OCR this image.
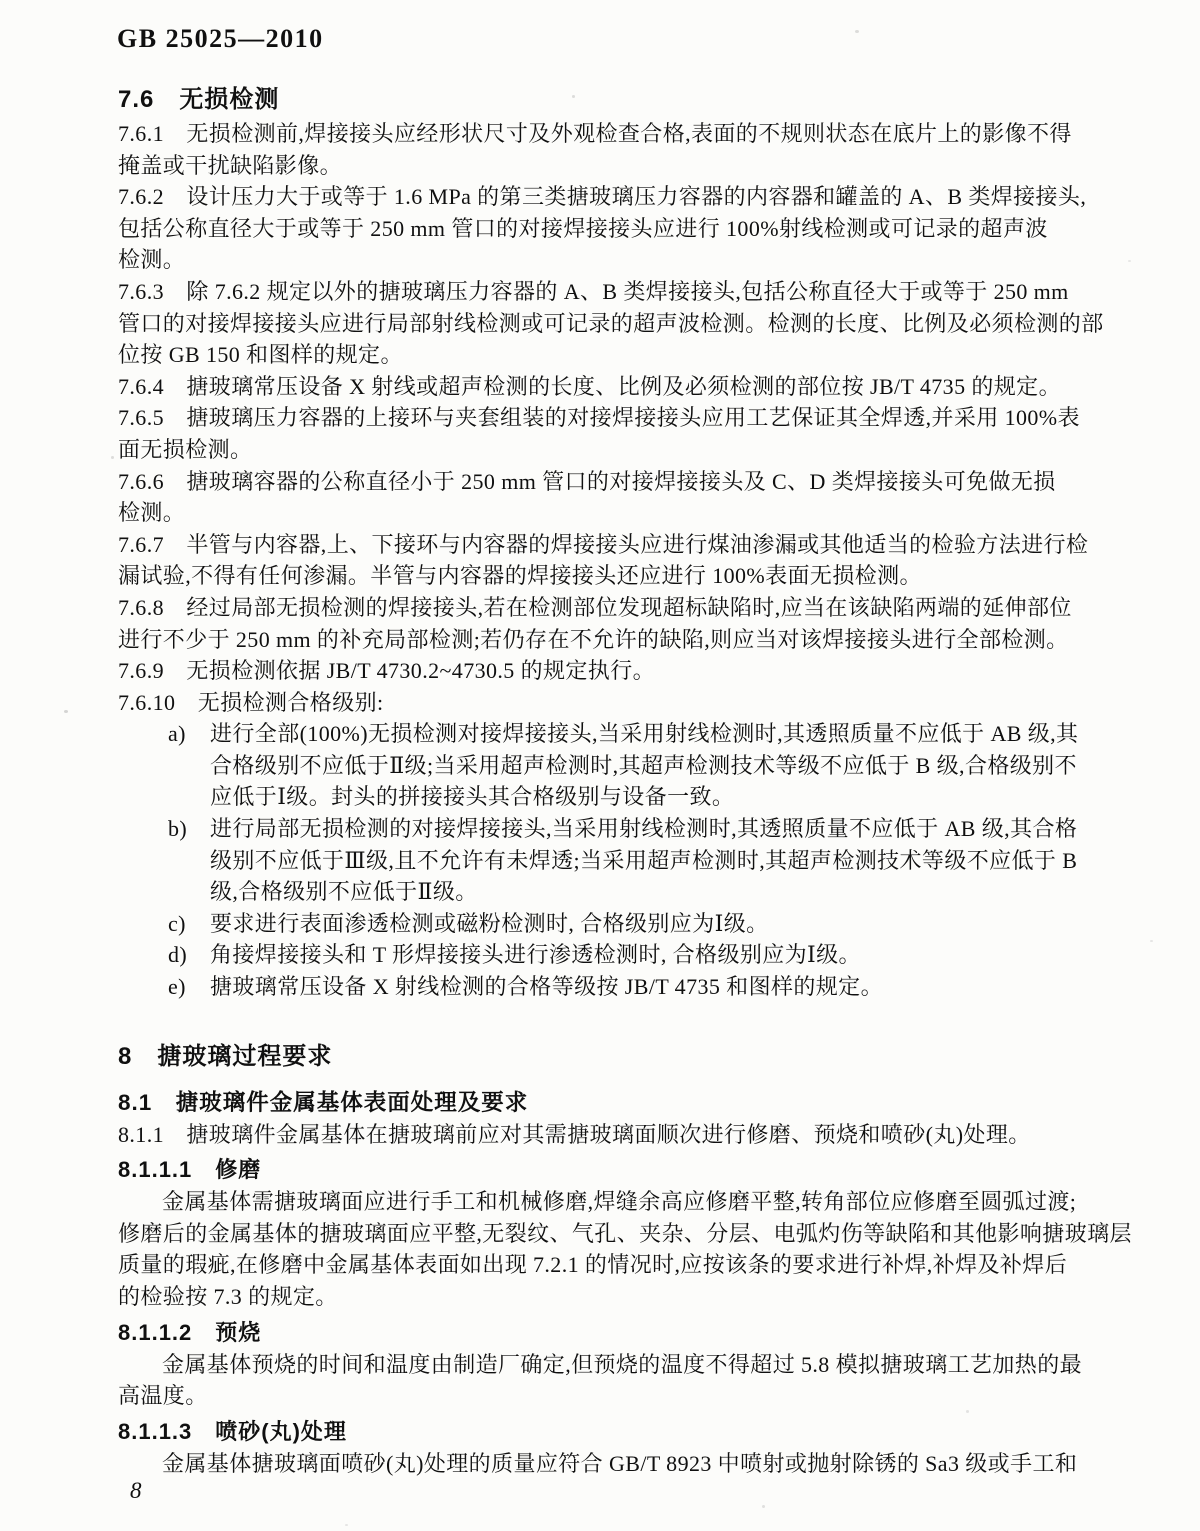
GB 25025—2010
7.6　无损检测
7.6.1　无损检测前,焊接接头应经形状尺寸及外观检查合格,表面的不规则状态在底片上的影像不得
掩盖或干扰缺陷影像。
7.6.2　设计压力大于或等于 1.6 MPa 的第三类搪玻璃压力容器的内容器和罐盖的 A、B 类焊接接头,
包括公称直径大于或等于 250 mm 管口的对接焊接接头应进行 100%射线检测或可记录的超声波
检测。
7.6.3　除 7.6.2 规定以外的搪玻璃压力容器的 A、B 类焊接接头,包括公称直径大于或等于 250 mm
管口的对接焊接接头应进行局部射线检测或可记录的超声波检测。检测的长度、比例及必须检测的部
位按 GB 150 和图样的规定。
7.6.4　搪玻璃常压设备 X 射线或超声检测的长度、比例及必须检测的部位按 JB/T 4735 的规定。
7.6.5　搪玻璃压力容器的上接环与夹套组装的对接焊接接头应用工艺保证其全焊透,并采用 100%表
面无损检测。
7.6.6　搪玻璃容器的公称直径小于 250 mm 管口的对接焊接接头及 C、D 类焊接接头可免做无损
检测。
7.6.7　半管与内容器,上、下接环与内容器的焊接接头应进行煤油渗漏或其他适当的检验方法进行检
漏试验,不得有任何渗漏。半管与内容器的焊接接头还应进行 100%表面无损检测。
7.6.8　经过局部无损检测的焊接接头,若在检测部位发现超标缺陷时,应当在该缺陷两端的延伸部位
进行不少于 250 mm 的补充局部检测;若仍存在不允许的缺陷,则应当对该焊接接头进行全部检测。
7.6.9　无损检测依据 JB/T 4730.2~4730.5 的规定执行。
7.6.10　无损检测合格级别:
a) 进行全部(100%)无损检测对接焊接接头,当采用射线检测时,其透照质量不应低于 AB 级,其
合格级别不应低于Ⅱ级;当采用超声检测时,其超声检测技术等级不应低于 B 级,合格级别不
应低于Ⅰ级。封头的拼接接头其合格级别与设备一致。
b) 进行局部无损检测的对接焊接接头,当采用射线检测时,其透照质量不应低于 AB 级,其合格
级别不应低于Ⅲ级,且不允许有未焊透;当采用超声检测时,其超声检测技术等级不应低于 B
级,合格级别不应低于Ⅱ级。
c) 要求进行表面渗透检测或磁粉检测时, 合格级别应为Ⅰ级。
d) 角接焊接接头和 T 形焊接接头进行渗透检测时, 合格级别应为Ⅰ级。
e) 搪玻璃常压设备 X 射线检测的合格等级按 JB/T 4735 和图样的规定。
8　搪玻璃过程要求
8.1　搪玻璃件金属基体表面处理及要求
8.1.1　搪玻璃件金属基体在搪玻璃前应对其需搪玻璃面顺次进行修磨、预烧和喷砂(丸)处理。
8.1.1.1　修磨
金属基体需搪玻璃面应进行手工和机械修磨,焊缝余高应修磨平整,转角部位应修磨至圆弧过渡;
修磨后的金属基体的搪玻璃面应平整,无裂纹、气孔、夹杂、分层、电弧灼伤等缺陷和其他影响搪玻璃层
质量的瑕疵,在修磨中金属基体表面如出现 7.2.1 的情况时,应按该条的要求进行补焊,补焊及补焊后
的检验按 7.3 的规定。
8.1.1.2　预烧
金属基体预烧的时间和温度由制造厂确定,但预烧的温度不得超过 5.8 模拟搪玻璃工艺加热的最
高温度。
8.1.1.3　喷砂(丸)处理
金属基体搪玻璃面喷砂(丸)处理的质量应符合 GB/T 8923 中喷射或抛射除锈的 Sa3 级或手工和
8
